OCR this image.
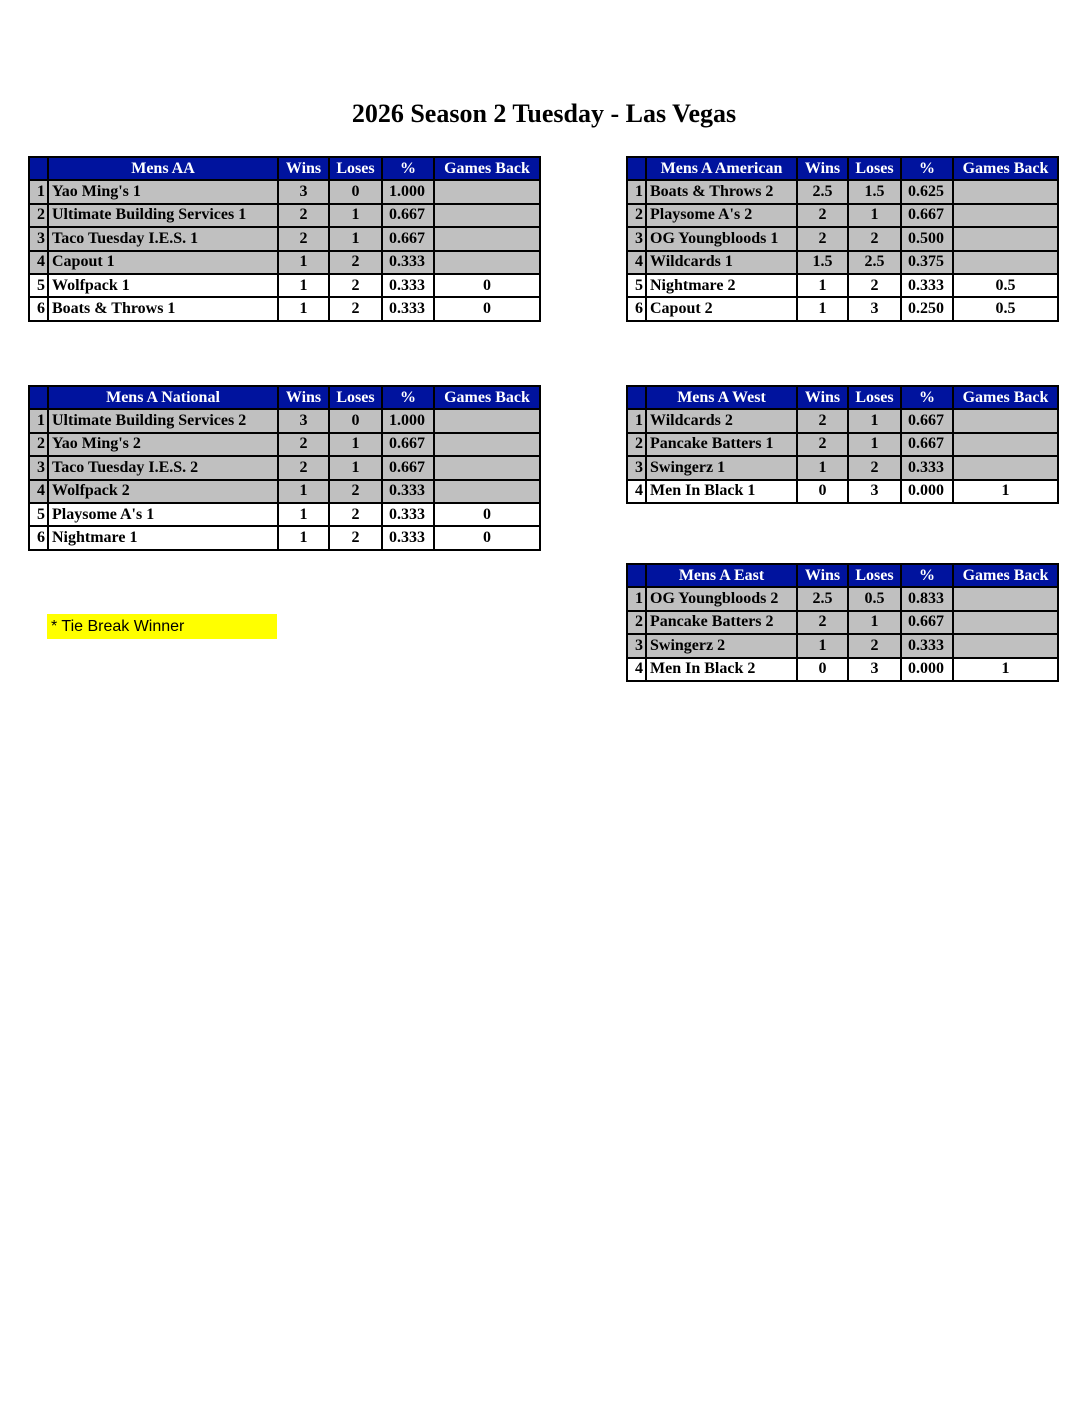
2026 Season 2 Tuesday - Las Vegas
	Mens AA	Wins	Loses	%	Games Back
1	Yao Ming's 1	3	0	1.000	
2	Ultimate Building Services 1	2	1	0.667	
3	Taco Tuesday I.E.S. 1	2	1	0.667	
4	Capout 1	1	2	0.333	
5	Wolfpack 1	1	2	0.333	0
6	Boats & Throws 1	1	2	0.333	0
	Mens A National	Wins	Loses	%	Games Back
1	Ultimate Building Services 2	3	0	1.000	
2	Yao Ming's 2	2	1	0.667	
3	Taco Tuesday I.E.S. 2	2	1	0.667	
4	Wolfpack 2	1	2	0.333	
5	Playsome A's 1	1	2	0.333	0
6	Nightmare 1	1	2	0.333	0
	Mens A American	Wins	Loses	%	Games Back
1	Boats & Throws 2	2.5	1.5	0.625	
2	Playsome A's 2	2	1	0.667	
3	OG Youngbloods 1	2	2	0.500	
4	Wildcards 1	1.5	2.5	0.375	
5	Nightmare 2	1	2	0.333	0.5
6	Capout 2	1	3	0.250	0.5
	Mens A West	Wins	Loses	%	Games Back
1	Wildcards 2	2	1	0.667	
2	Pancake Batters 1	2	1	0.667	
3	Swingerz 1	1	2	0.333	
4	Men In Black 1	0	3	0.000	1
	Mens A East	Wins	Loses	%	Games Back
1	OG Youngbloods 2	2.5	0.5	0.833	
2	Pancake Batters 2	2	1	0.667	
3	Swingerz 2	1	2	0.333	
4	Men In Black 2	0	3	0.000	1
* Tie Break Winner
